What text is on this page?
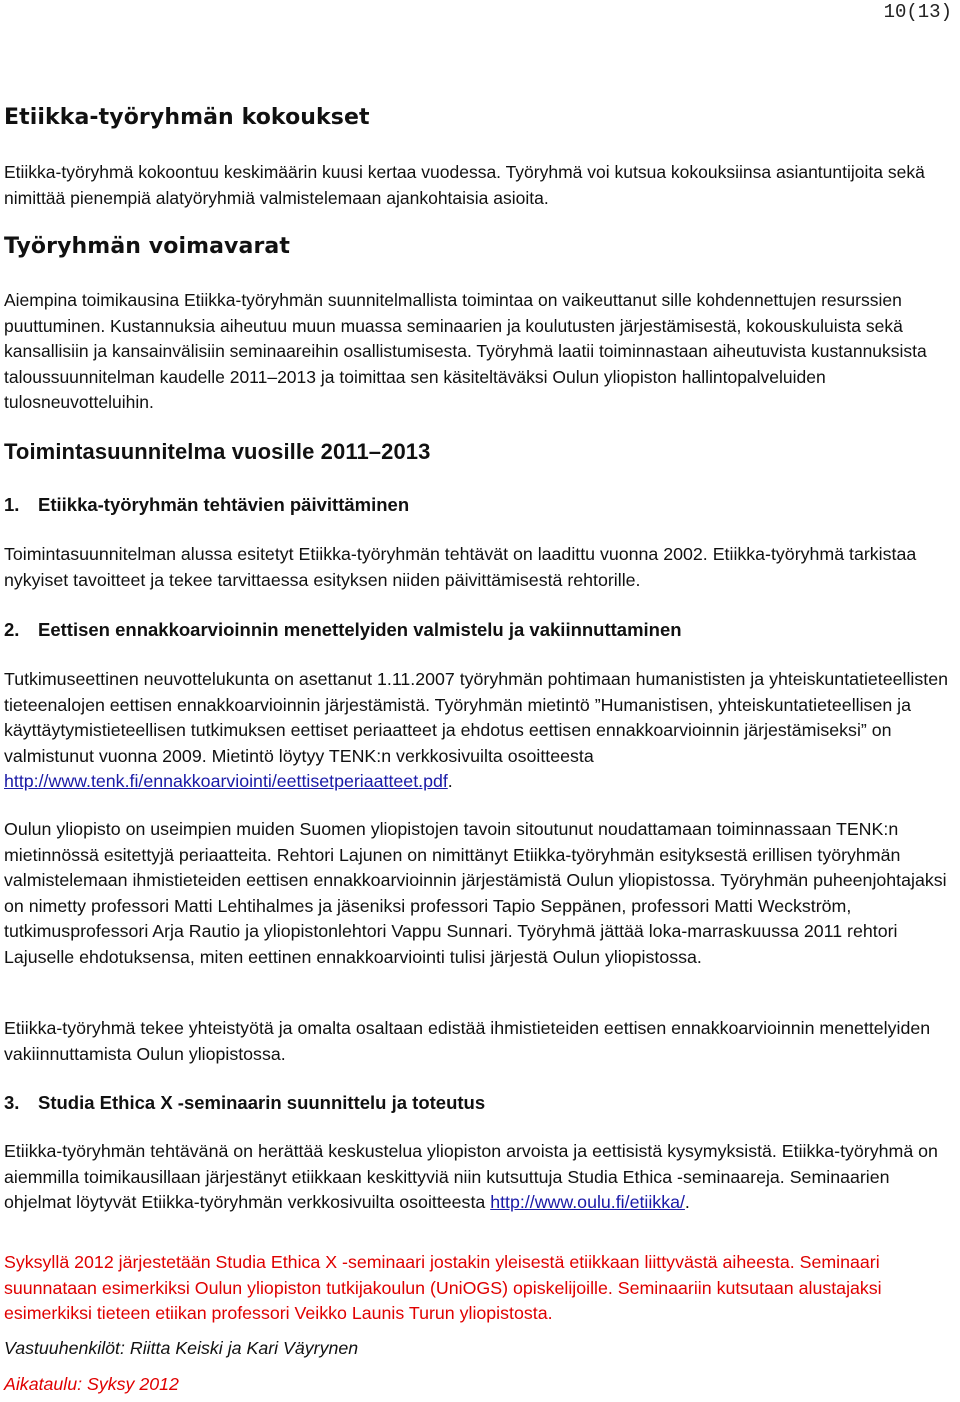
10(13)
Etiikka-työryhmän kokoukset

Etiikka-työryhmä kokoontuu keskimäärin kuusi kertaa vuodessa. Työryhmä voi kutsua kokouksiinsa asiantuntijoita sekä nimittää pienempiä alatyöryhmiä valmistelemaan ajankohtaisia asioita.

Työryhmän voimavarat

Aiempina toimikausina Etiikka-työryhmän suunnitelmallista toimintaa on vaikeuttanut sille kohdennettujen resurssien puuttuminen. Kustannuksia aiheutuu muun muassa seminaarien ja koulutusten järjestämisestä, kokouskuluista sekä kansallisiin ja kansainvälisiin seminaareihin osallistumisesta. Työryhmä laatii toiminnastaan aiheutuvista kustannuksista taloussuunnitelman kaudelle 2011–2013 ja toimittaa sen käsiteltäväksi Oulun yliopiston hallintopalveluiden tulosneuvotteluihin.

Toimintasuunnitelma vuosille 2011–2013
1. Etiikka-työryhmän tehtävien päivittäminen

Toimintasuunnitelman alussa esitetyt Etiikka-työryhmän tehtävät on laadittu vuonna 2002. Etiikka-työryhmä tarkistaa nykyiset tavoitteet ja tekee tarvittaessa esityksen niiden päivittämisestä rehtorille.

2. Eettisen ennakkoarvioinnin menettelyiden valmistelu ja vakiinnuttaminen

Tutkimuseettinen neuvottelukunta on asettanut 1.11.2007 työryhmän pohtimaan humanististen ja yhteiskuntatieteellisten tieteenalojen eettisen ennakkoarvioinnin järjestämistä. Työryhmän mietintö ”Humanistisen, yhteiskuntatieteellisen ja käyttäytymistieteellisen tutkimuksen eettiset periaatteet ja ehdotus eettisen ennakkoarvioinnin järjestämiseksi” on valmistunut vuonna 2009. Mietintö löytyy TENK:n verkkosivuilta osoitteesta http://www.tenk.fi/ennakkoarviointi/eettisetperiaatteet.pdf.

Oulun yliopisto on useimpien muiden Suomen yliopistojen tavoin sitoutunut noudattamaan toiminnassaan TENK:n mietinnössä esitettyjä periaatteita. Rehtori Lajunen on nimittänyt Etiikka-työryhmän esityksestä erillisen työryhmän valmistelemaan ihmistieteiden eettisen ennakkoarvioinnin järjestämistä Oulun yliopistossa. Työryhmän puheenjohtajaksi on nimetty professori Matti Lehtihalmes ja jäseniksi professori Tapio Seppänen, professori Matti Weckström, tutkimusprofessori Arja Rautio ja yliopistonlehtori Vappu Sunnari. Työryhmä jättää loka-marraskuussa 2011 rehtori Lajuselle ehdotuksensa, miten eettinen ennakkoarviointi tulisi järjestä Oulun yliopistossa.

Etiikka-työryhmä tekee yhteistyötä ja omalta osaltaan edistää ihmistieteiden eettisen ennakkoarvioinnin menettelyiden vakiinnuttamista Oulun yliopistossa.

3. Studia Ethica X -seminaarin suunnittelu ja toteutus

Etiikka-työryhmän tehtävänä on herättää keskustelua yliopiston arvoista ja eettisistä kysymyksistä. Etiikka-työryhmä on aiemmilla toimikausillaan järjestänyt etiikkaan keskittyviä niin kutsuttuja Studia Ethica -seminaareja. Seminaarien ohjelmat löytyvät Etiikka-työryhmän verkkosivuilta osoitteesta http://www.oulu.fi/etiikka/.

Syksyllä 2012 järjestetään Studia Ethica X -seminaari jostakin yleisestä etiikkaan liittyvästä aiheesta. Seminaari suunnataan esimerkiksi Oulun yliopiston tutkijakoulun (UniOGS) opiskelijoille. Seminaariin kutsutaan alustajaksi esimerkiksi tieteen etiikan professori Veikko Launis Turun yliopistosta.

Vastuuhenkilöt: Riitta Keiski ja Kari Väyrynen

Aikataulu: Syksy 2012
